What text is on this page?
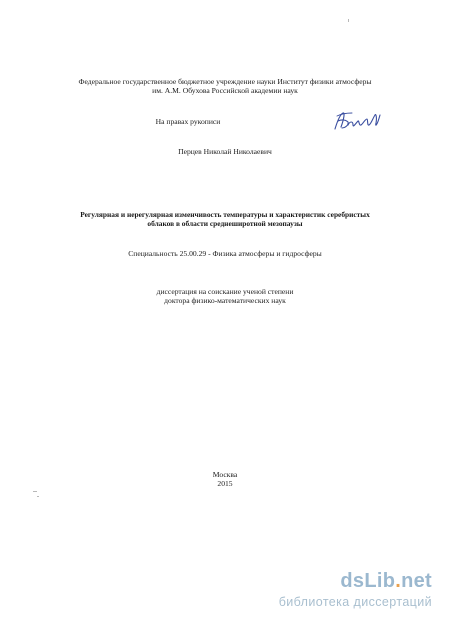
Федеральное государственное бюджетное учреждение науки Институт физики атмосферы
им. А.М. Обухова Российской академии наук
На правах рукописи
Перцев Николай Николаевич
Регулярная и нерегулярная изменчивость температуры и характеристик серебристых
облаков в области среднеширотной мезопаузы
Специальность 25.00.29 - Физика атмосферы и гидросферы
диссертация на соискание ученой степени
доктора физико-математических наук
Москва
2015
dsLib.net
библиотека диссертаций
